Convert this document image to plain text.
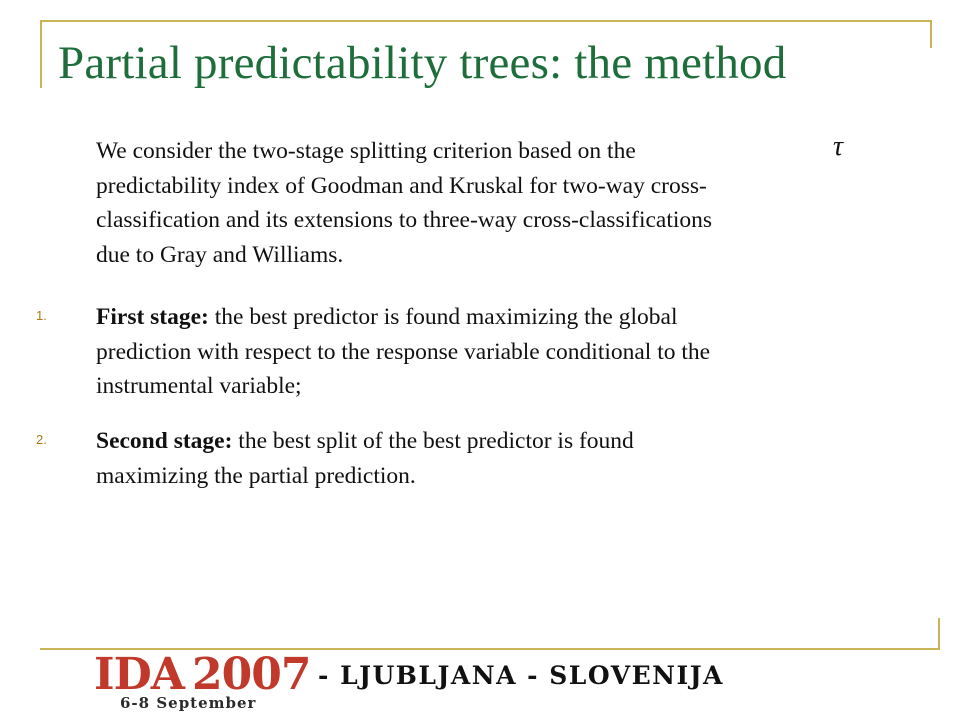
Partial predictability trees: the method
We consider the two-stage splitting criterion based on the
predictability index of Goodman and Kruskal for two-way cross-
classification and its extensions to three-way cross-classifications
due to Gray and Williams.
τ
1. First stage: the best predictor is found maximizing the global
prediction with respect to the response variable conditional to the
instrumental variable;
2. Second stage: the best split of the best predictor is found
maximizing the partial prediction.
IDA 2007
6-8 September
- LJUBLJANA - SLOVENIJA
